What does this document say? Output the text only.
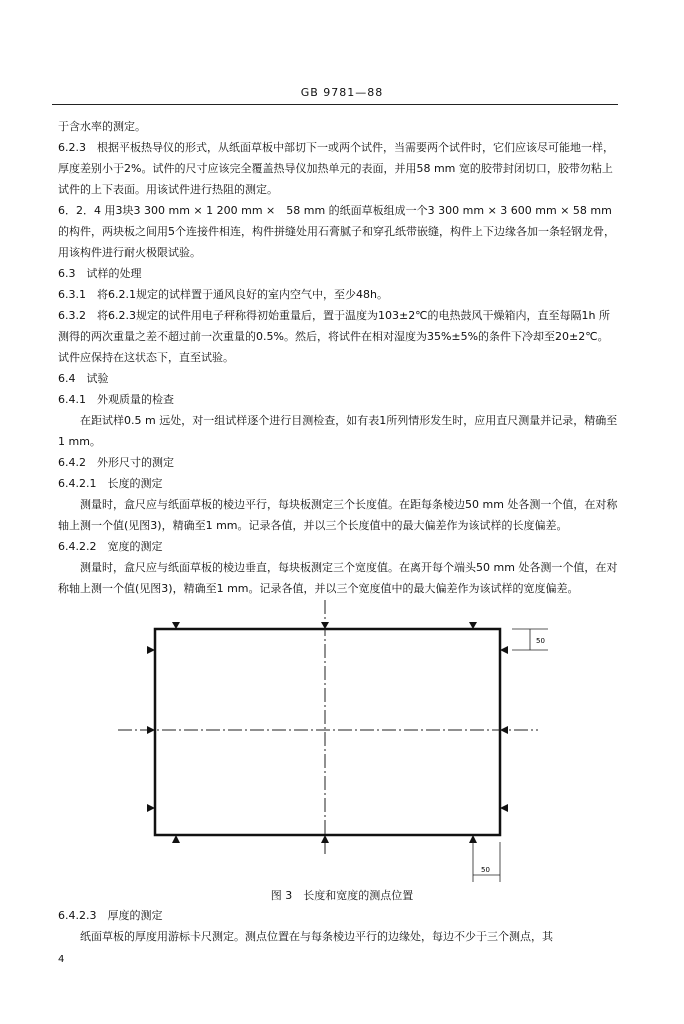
GB 9781—88

于含水率的测定。

6.2.3　根据平板热导仪的形式，从纸面草板中部切下一或两个试件，当需要两个试件时，它们应该尽可能地一样，厚度差别小于2%。试件的尺寸应该完全覆盖热导仪加热单元的表面，并用58 mm 宽的胶带封闭切口，胶带勿粘上试件的上下表面。用该试件进行热阻的测定。

6．2．4 用3块3 300 mm × 1 200 mm ×　58 mm 的纸面草板组成一个3 300 mm × 3 600 mm × 58 mm 的构件，两块板之间用5个连接件相连，构件拼缝处用石膏腻子和穿孔纸带嵌缝，构件上下边缘各加一条轻钢龙骨，用该构件进行耐火极限试验。

6.3　试样的处理

6.3.1　将6.2.1规定的试样置于通风良好的室内空气中，至少48h。

6.3.2　将6.2.3规定的试件用电子秤称得初始重量后，置于温度为103±2℃的电热鼓风干燥箱内，直至每隔1h 所测得的两次重量之差不超过前一次重量的0.5%。然后，将试件在相对湿度为35%±5%的条件下冷却至20±2℃。试件应保持在这状态下，直至试验。

6.4　试验

6.4.1　外观质量的检查

在距试样0.5 m 远处，对一组试样逐个进行目测检查，如有表1所列情形发生时，应用直尺测量并记录，精确至1 mm。

6.4.2　外形尺寸的测定

6.4.2.1　长度的测定

测量时，盒尺应与纸面草板的棱边平行，每块板测定三个长度值。在距每条棱边50 mm 处各测一个值，在对称轴上测一个值(见图3)，精确至1 mm。记录各值，并以三个长度值中的最大偏差作为该试样的长度偏差。

6.4.2.2　宽度的测定

测量时，盒尺应与纸面草板的棱边垂直，每块板测定三个宽度值。在离开每个端头50 mm 处各测一个值，在对称轴上测一个值(见图3)，精确至1 mm。记录各值，并以三个宽度值中的最大偏差作为该试样的宽度偏差。

50
50
图 3　长度和宽度的测点位置

6.4.2.3　厚度的测定

纸面草板的厚度用游标卡尺测定。测点位置在与每条棱边平行的边缘处，每边不少于三个测点，其

4
